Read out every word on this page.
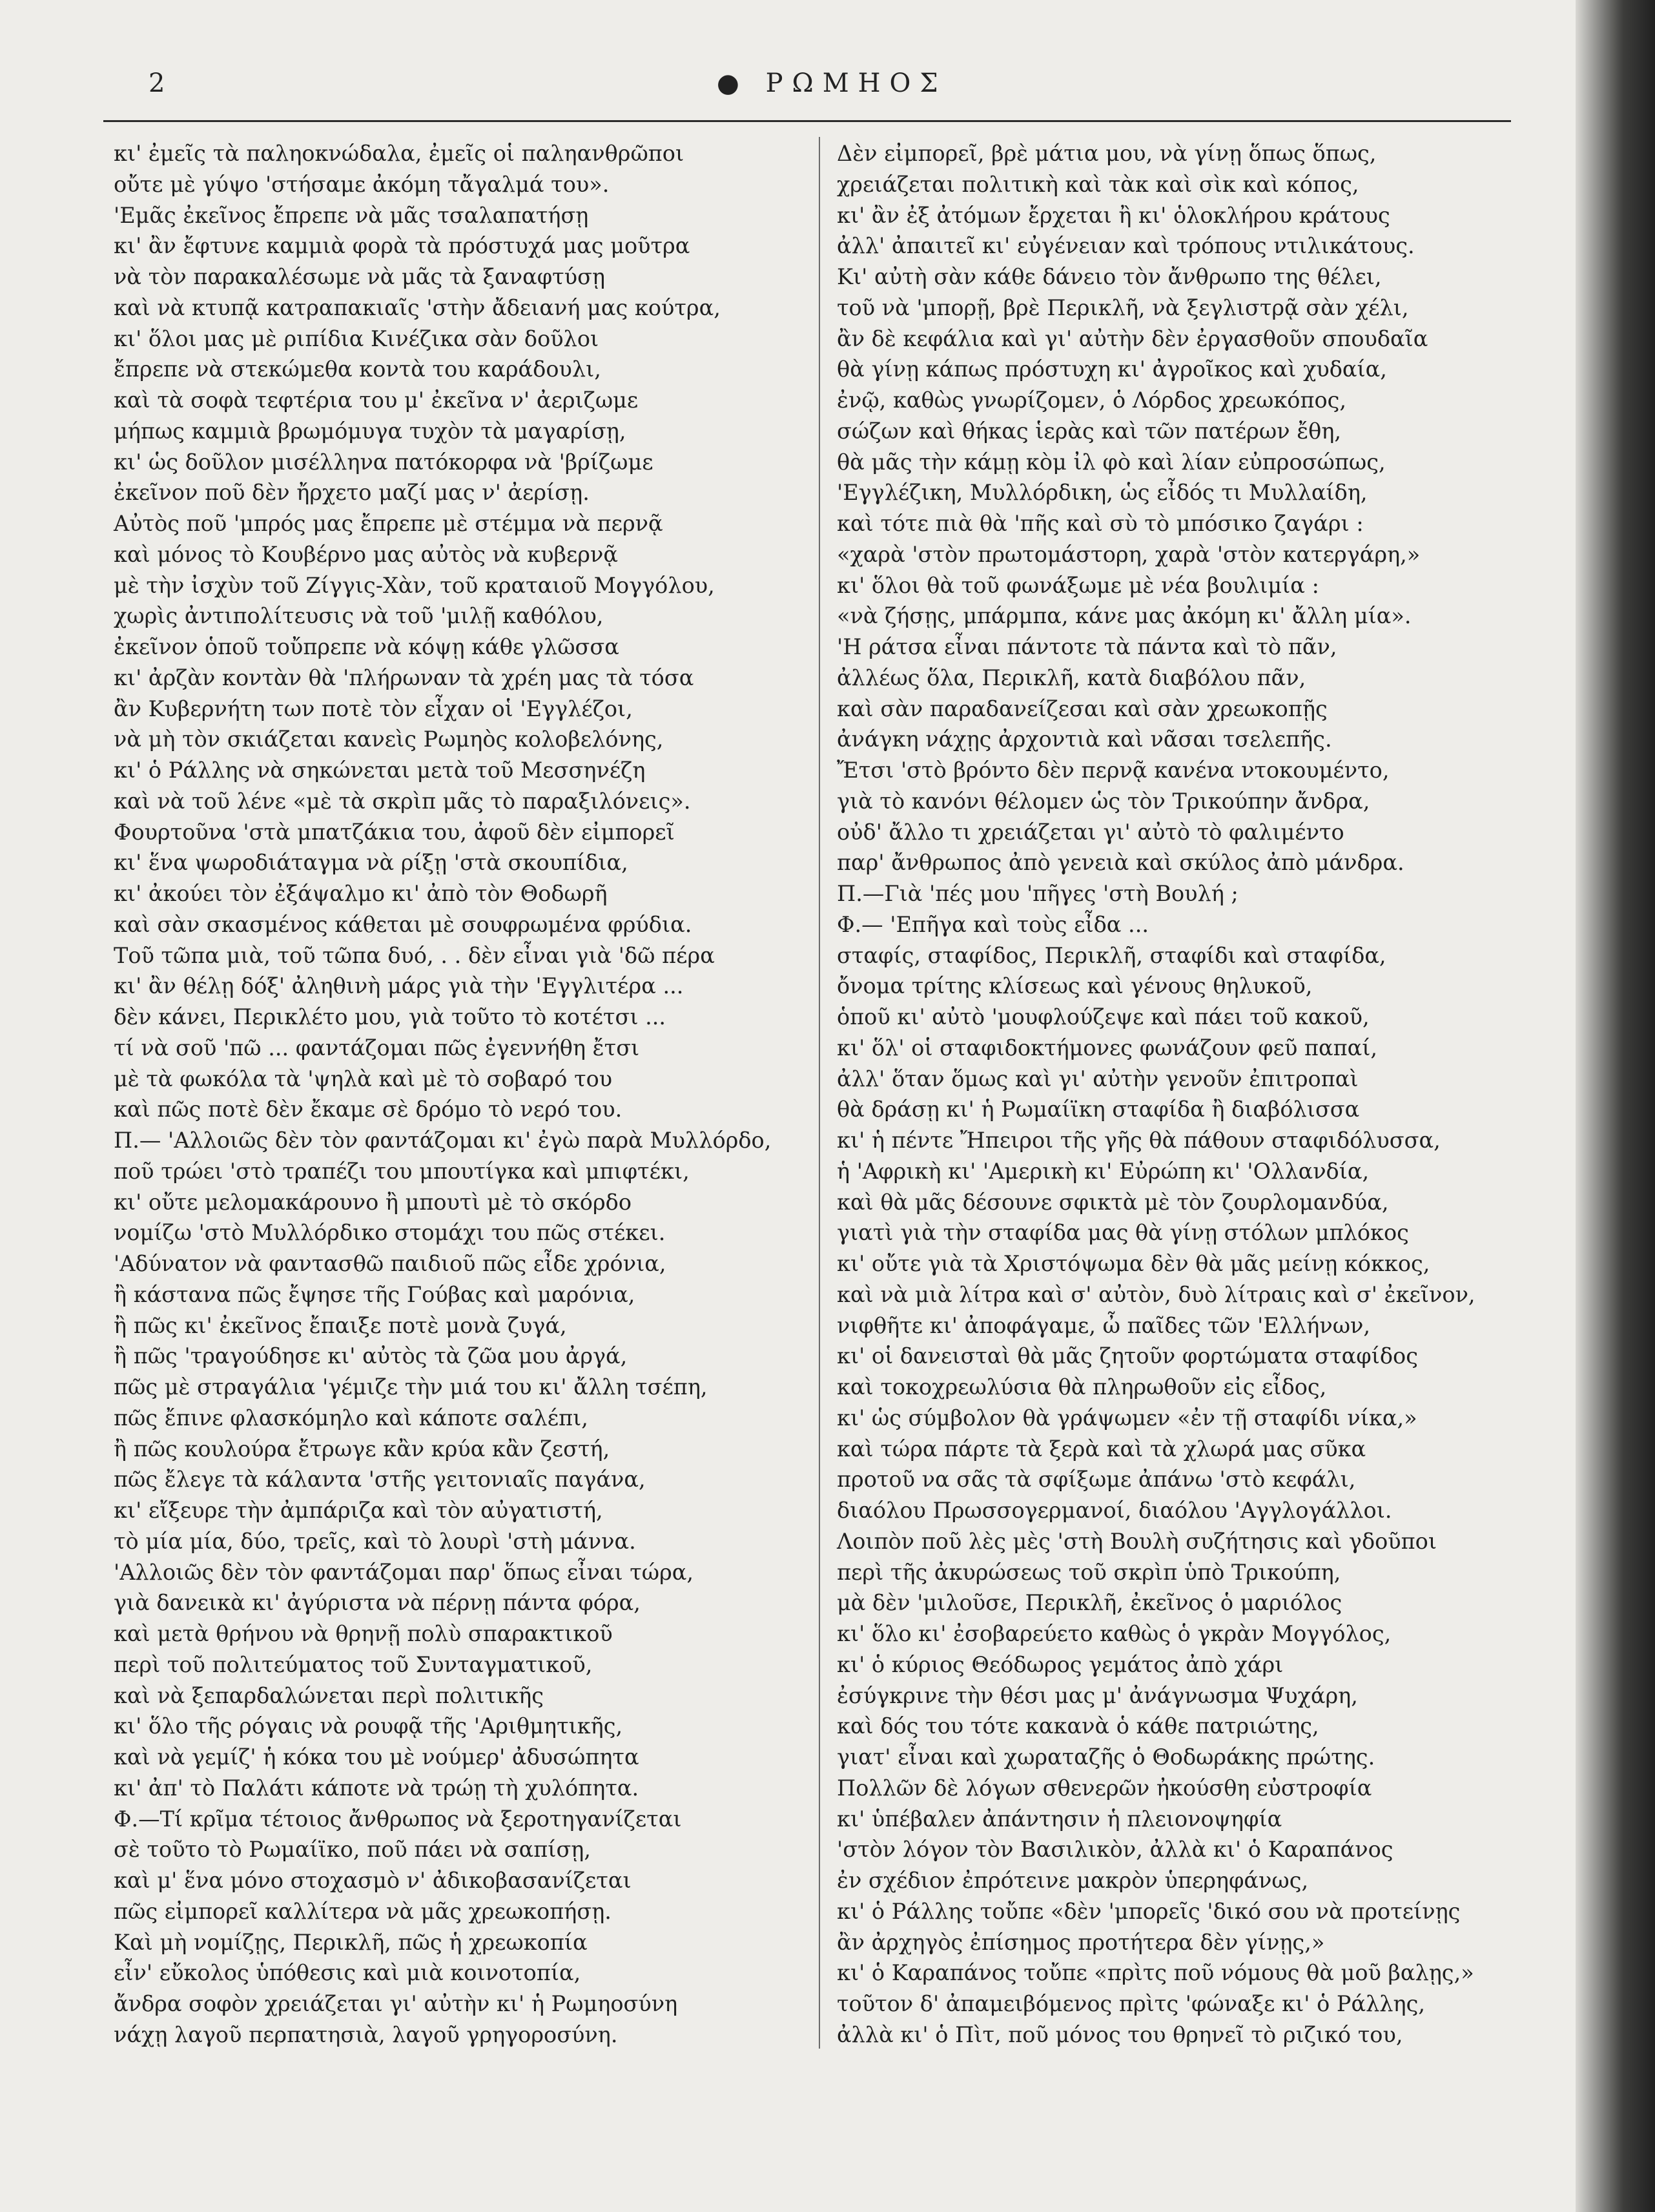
2	● ΡΩΜΗΟΣ
κι' ἐμεῖς τὰ παληοκνώδαλα, ἐμεῖς οἱ παληανθρῶποι
οὔτε μὲ γύψο 'στήσαμε ἀκόμη τἄγαλμά του».
'Εμᾶς ἐκεῖνος ἔπρεπε νὰ μᾶς τσαλαπατήσῃ
κι' ἂν ἔφτυνε καμμιὰ φορὰ τὰ πρόστυχά μας μοῦτρα
νὰ τὸν παρακαλέσωμε νὰ μᾶς τὰ ξαναφτύσῃ
καὶ νὰ κτυπᾷ κατραπακιαῖς 'στὴν ἄδειανή μας κούτρα,
κι' ὅλοι μας μὲ ριπίδια Κινέζικα σὰν δοῦλοι
ἔπρεπε νὰ στεκώμεθα κοντὰ του καράδουλι,
καὶ τὰ σοφὰ τεφτέρια του μ' ἐκεῖνα ν' ἀεριζωμε
μήπως καμμιὰ βρωμόμυγα τυχὸν τὰ μαγαρίσῃ,
κι' ὡς δοῦλον μισέλληνα πατόκορφα νὰ 'βρίζωμε
ἐκεῖνον ποῦ δὲν ἤρχετο μαζί μας ν' ἀερίσῃ.
Αὐτὸς ποῦ 'μπρός μας ἔπρεπε μὲ στέμμα νὰ περνᾷ
καὶ μόνος τὸ Κουβέρνο μας αὐτὸς νὰ κυβερνᾷ
μὲ τὴν ἰσχὺν τοῦ Ζίγγις-Χὰν, τοῦ κραταιοῦ Μογγόλου,
χωρὶς ἀντιπολίτευσις νὰ τοῦ 'μιλῇ καθόλου,
ἐκεῖνον ὁποῦ τοὔπρεπε νὰ κόψῃ κάθε γλῶσσα
κι' ἀρζὰν κοντὰν θὰ 'πλήρωναν τὰ χρέη μας τὰ τόσα
ἂν Κυβερνήτη των ποτὲ τὸν εἶχαν οἱ 'Εγγλέζοι,
νὰ μὴ τὸν σκιάζεται κανεὶς Ρωμηὸς κολοβελόνης,
κι' ὁ Ράλλης νὰ σηκώνεται μετὰ τοῦ Μεσσηνέζη
καὶ νὰ τοῦ λένε «μὲ τὰ σκρὶπ μᾶς τὸ παραξιλόνεις».
Φουρτοῦνα 'στὰ μπατζάκια του, ἀφοῦ δὲν εἰμπορεῖ
κι' ἕνα ψωροδιάταγμα νὰ ρίξῃ 'στὰ σκουπίδια,
κι' ἀκούει τὸν ἐξάψαλμο κι' ἀπὸ τὸν Θοδωρῆ
καὶ σὰν σκασμένος κάθεται μὲ σουφρωμένα φρύδια.
Τοῦ τῶπα μιὰ, τοῦ τῶπα δυό, . . δὲν εἶναι γιὰ 'δῶ πέρα
κι' ἂν θέλῃ δόξ' ἀληθινὴ μάρς γιὰ τὴν 'Εγγλιτέρα ...
δὲν κάνει, Περικλέτο μου, γιὰ τοῦτο τὸ κοτέτσι ...
τί νὰ σοῦ 'πῶ ... φαντάζομαι πῶς ἐγεννήθη ἔτσι
μὲ τὰ φωκόλα τὰ 'ψηλὰ καὶ μὲ τὸ σοβαρό του
καὶ πῶς ποτὲ δὲν ἔκαμε σὲ δρόμο τὸ νερό του.
Π.— 'Αλλοιῶς δὲν τὸν φαντάζομαι κι' ἐγὼ παρὰ Μυλλόρδο,
ποῦ τρώει 'στὸ τραπέζι του μπουτίγκα καὶ μπιφτέκι,
κι' οὔτε μελομακάρουνο ἢ μπουτὶ μὲ τὸ σκόρδο
νομίζω 'στὸ Μυλλόρδικο στομάχι του πῶς στέκει.
'Αδύνατον νὰ φαντασθῶ παιδιοῦ πῶς εἶδε χρόνια,
ἢ κάστανα πῶς ἔψησε τῆς Γούβας καὶ μαρόνια,
ἢ πῶς κι' ἐκεῖνος ἔπαιξε ποτὲ μονὰ ζυγά,
ἢ πῶς 'τραγούδησε κι' αὐτὸς τὰ ζῶα μου ἀργά,
πῶς μὲ στραγάλια 'γέμιζε τὴν μιά του κι' ἄλλη τσέπη,
πῶς ἔπινε φλασκόμηλο καὶ κάποτε σαλέπι,
ἢ πῶς κουλούρα ἔτρωγε κἂν κρύα κἂν ζεστή,
πῶς ἔλεγε τὰ κάλαντα 'στῆς γειτονιαῖς παγάνα,
κι' εἴξευρε τὴν ἀμπάριζα καὶ τὸν αὐγατιστή,
τὸ μία μία, δύο, τρεῖς, καὶ τὸ λουρὶ 'στὴ μάννα.
'Αλλοιῶς δὲν τὸν φαντάζομαι παρ' ὅπως εἶναι τώρα,
γιὰ δανεικὰ κι' ἀγύριστα νὰ πέρνῃ πάντα φόρα,
καὶ μετὰ θρήνου νὰ θρηνῇ πολὺ σπαρακτικοῦ
περὶ τοῦ πολιτεύματος τοῦ Συνταγματικοῦ,
καὶ νὰ ξεπαρδαλώνεται περὶ πολιτικῆς
κι' ὅλο τῆς ρόγαις νὰ ρουφᾷ τῆς 'Αριθμητικῆς,
καὶ νὰ γεμίζ' ἡ κόκα του μὲ νούμερ' ἀδυσώπητα
κι' ἀπ' τὸ Παλάτι κάποτε νὰ τρώῃ τὴ χυλόπητα.
Φ.—Τί κρῖμα τέτοιος ἄνθρωπος νὰ ξεροτηγανίζεται
σὲ τοῦτο τὸ Ρωμαίϊκο, ποῦ πάει νὰ σαπίσῃ,
καὶ μ' ἕνα μόνο στοχασμὸ ν' ἀδικοβασανίζεται
πῶς εἰμπορεῖ καλλίτερα νὰ μᾶς χρεωκοπήσῃ.
Καὶ μὴ νομίζῃς, Περικλῆ, πῶς ἡ χρεωκοπία
εἶν' εὔκολος ὑπόθεσις καὶ μιὰ κοινοτοπία,
ἄνδρα σοφὸν χρειάζεται γι' αὐτὴν κι' ἡ Ρωμηοσύνη
νάχῃ λαγοῦ περπατησιὰ, λαγοῦ γρηγοροσύνη.
Δὲν εἰμπορεῖ, βρὲ μάτια μου, νὰ γίνῃ ὅπως ὅπως,
χρειάζεται πολιτικὴ καὶ τὰκ καὶ σὶκ καὶ κόπος,
κι' ἂν ἐξ ἀτόμων ἔρχεται ἢ κι' ὁλοκλήρου κράτους
ἀλλ' ἀπαιτεῖ κι' εὐγένειαν καὶ τρόπους ντιλικάτους.
Κι' αὐτὴ σὰν κάθε δάνειο τὸν ἄνθρωπο της θέλει,
τοῦ νὰ 'μπορῇ, βρὲ Περικλῆ, νὰ ξεγλιστρᾷ σὰν χέλι,
ἂν δὲ κεφάλια καὶ γι' αὐτὴν δὲν ἐργασθοῦν σπουδαῖα
θὰ γίνῃ κάπως πρόστυχη κι' ἀγροῖκος καὶ χυδαία,
ἐνῷ, καθὼς γνωρίζομεν, ὁ Λόρδος χρεωκόπος,
σώζων καὶ θήκας ἱερὰς καὶ τῶν πατέρων ἔθη,
θὰ μᾶς τὴν κάμῃ κὸμ ἰλ φὸ καὶ λίαν εὐπροσώπως,
'Εγγλέζικη, Μυλλόρδικη, ὡς εἶδός τι Μυλλαίδη,
καὶ τότε πιὰ θὰ 'πῆς καὶ σὺ τὸ μπόσικο ζαγάρι :
«χαρὰ 'στὸν πρωτομάστορη, χαρὰ 'στὸν κατεργάρη,»
κι' ὅλοι θὰ τοῦ φωνάξωμε μὲ νέα βουλιμία :
«νὰ ζήσῃς, μπάρμπα, κάνε μας ἀκόμη κι' ἄλλη μία».
'Η ράτσα εἶναι πάντοτε τὰ πάντα καὶ τὸ πᾶν,
ἀλλέως ὅλα, Περικλῆ, κατὰ διαβόλου πᾶν,
καὶ σὰν παραδανείζεσαι καὶ σὰν χρεωκοπῇς
ἀνάγκη νάχῃς ἀρχοντιὰ καὶ νᾶσαι τσελεπῆς.
Ἔτσι 'στὸ βρόντο δὲν περνᾷ κανένα ντοκουμέντο,
γιὰ τὸ κανόνι θέλομεν ὡς τὸν Τρικούπην ἄνδρα,
οὐδ' ἄλλο τι χρειάζεται γι' αὐτὸ τὸ φαλιμέντο
παρ' ἄνθρωπος ἀπὸ γενειὰ καὶ σκύλος ἀπὸ μάνδρα.
Π.—Γιὰ 'πές μου 'πῆγες 'στὴ Βουλή ;
Φ.— 'Επῆγα καὶ τοὺς εἶδα ...
σταφίς, σταφίδος, Περικλῆ, σταφίδι καὶ σταφίδα,
ὄνομα τρίτης κλίσεως καὶ γένους θηλυκοῦ,
ὁποῦ κι' αὐτὸ 'μουφλούζεψε καὶ πάει τοῦ κακοῦ,
κι' ὅλ' οἱ σταφιδοκτήμονες φωνάζουν φεῦ παπαί,
ἀλλ' ὅταν ὅμως καὶ γι' αὐτὴν γενοῦν ἐπιτροπαὶ
θὰ δράσῃ κι' ἡ Ρωμαίϊκη σταφίδα ἢ διαβόλισσα
κι' ἡ πέντε Ἤπειροι τῆς γῆς θὰ πάθουν σταφιδόλυσσα,
ἡ 'Αφρικὴ κι' 'Αμερικὴ κι' Εὐρώπη κι' 'Ολλανδία,
καὶ θὰ μᾶς δέσουνε σφικτὰ μὲ τὸν ζουρλομανδύα,
γιατὶ γιὰ τὴν σταφίδα μας θὰ γίνῃ στόλων μπλόκος
κι' οὔτε γιὰ τὰ Χριστόψωμα δὲν θὰ μᾶς μείνῃ κόκκος,
καὶ νὰ μιὰ λίτρα καὶ σ' αὐτὸν, δυὸ λίτραις καὶ σ' ἐκεῖνον,
νιφθῆτε κι' ἀποφάγαμε, ὦ παῖδες τῶν 'Ελλήνων,
κι' οἱ δανεισταὶ θὰ μᾶς ζητοῦν φορτώματα σταφίδος
καὶ τοκοχρεωλύσια θὰ πληρωθοῦν εἰς εἶδος,
κι' ὡς σύμβολον θὰ γράψωμεν «ἐν τῇ σταφίδι νίκα,»
καὶ τώρα πάρτε τὰ ξερὰ καὶ τὰ χλωρά μας σῦκα
προτοῦ να σᾶς τὰ σφίξωμε ἀπάνω 'στὸ κεφάλι,
διαόλου Πρωσσογερμανοί, διαόλου 'Αγγλογάλλοι.
Λοιπὸν ποῦ λὲς μὲς 'στὴ Βουλὴ συζήτησις καὶ γδοῦποι
περὶ τῆς ἀκυρώσεως τοῦ σκρὶπ ὑπὸ Τρικούπη,
μὰ δὲν 'μιλοῦσε, Περικλῆ, ἐκεῖνος ὁ μαριόλος
κι' ὅλο κι' ἐσοβαρεύετο καθὼς ὁ γκρὰν Μογγόλος,
κι' ὁ κύριος Θεόδωρος γεμάτος ἀπὸ χάρι
ἐσύγκρινε τὴν θέσι μας μ' ἀνάγνωσμα Ψυχάρη,
καὶ δός του τότε κακανὰ ὁ κάθε πατριώτης,
γιατ' εἶναι καὶ χωραταζῆς ὁ Θοδωράκης πρώτης.
Πολλῶν δὲ λόγων σθενερῶν ἠκούσθη εὐστροφία
κι' ὑπέβαλεν ἀπάντησιν ἡ πλειονοψηφία
'στὸν λόγον τὸν Βασιλικὸν, ἀλλὰ κι' ὁ Καραπάνος
ἐν σχέδιον ἐπρότεινε μακρὸν ὑπερηφάνως,
κι' ὁ Ράλλης τοὔπε «δὲν 'μπορεῖς 'δικό σου νὰ προτείνῃς
ἂν ἀρχηγὸς ἐπίσημος προτήτερα δὲν γίνῃς,»
κι' ὁ Καραπάνος τοὔπε «πρὶτς ποῦ νόμους θὰ μοῦ βαλῃς,»
τοῦτον δ' ἀπαμειβόμενος πρὶτς 'φώναξε κι' ὁ Ράλλης,
ἀλλὰ κι' ὁ Πὶτ, ποῦ μόνος του θρηνεῖ τὸ ριζικό του,
